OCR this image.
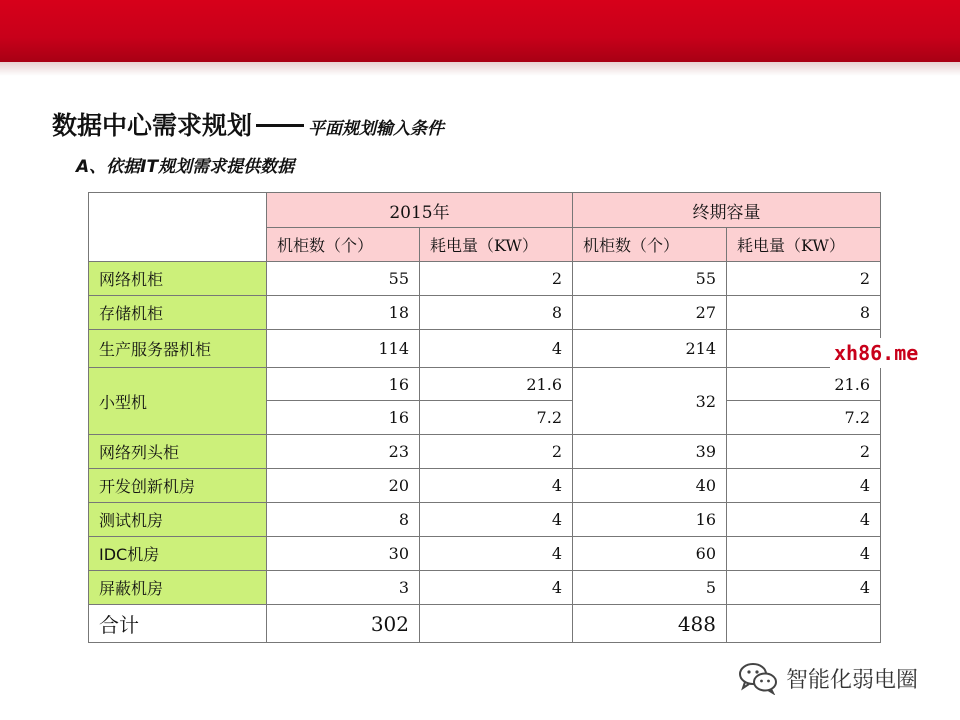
数据中心需求规划	平面规划输入条件
A、依据IT规划需求提供数据
	2015年		终期容量	
	机柜数（个）	耗电量（KW）	机柜数（个）	耗电量（KW）
网络机柜	55	2	55	2
存储机柜	18	8	27	8
生产服务器机柜	114	4	214	
小型机	16	21.6	32	21.6
	16	7.2		7.2
网络列头柜	23	2	39	2
开发创新机房	20	4	40	4
测试机房	8	4	16	4
IDC机房	30	4	60	4
屏蔽机房	3	4	5	4
合计	302		488	
xh86.me
智能化弱电圈
